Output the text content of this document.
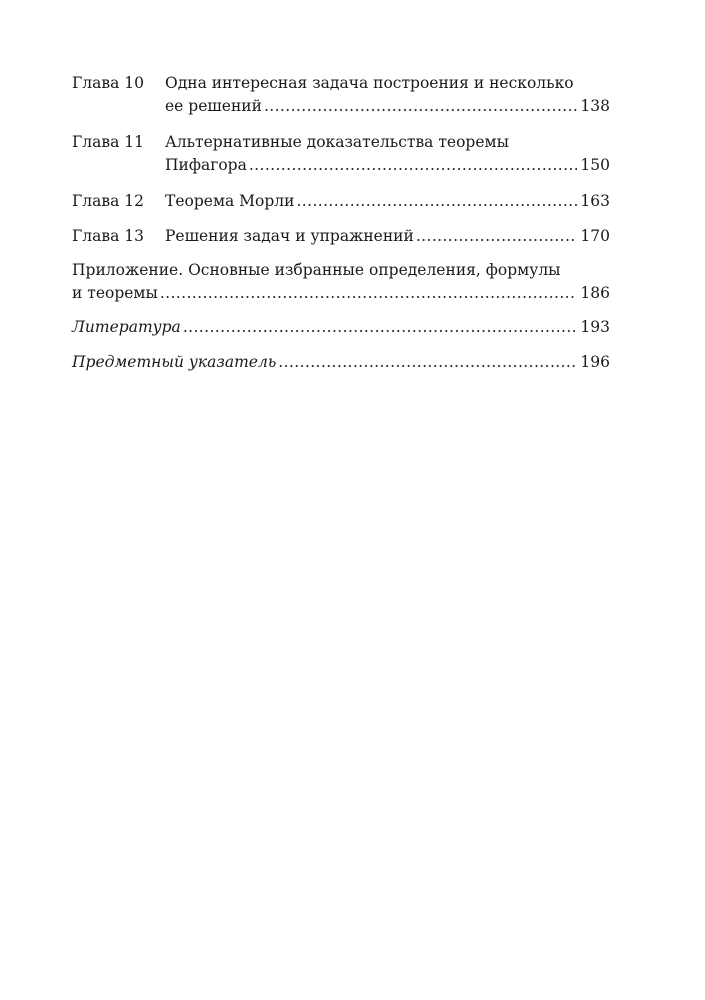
Глава 10	Одна интересная задача построения и несколько
ее решений .....	138
Глава 11	Альтернативные доказательства теоремы
Пифагора .....	150
Глава 12	Теорема Морли .....	163
Глава 13	Решения задач и упражнений .....	170
Приложение. Основные избранные определения, формулы
и теоремы .....	186
Литература .....	193
Предметный указатель .....	196
